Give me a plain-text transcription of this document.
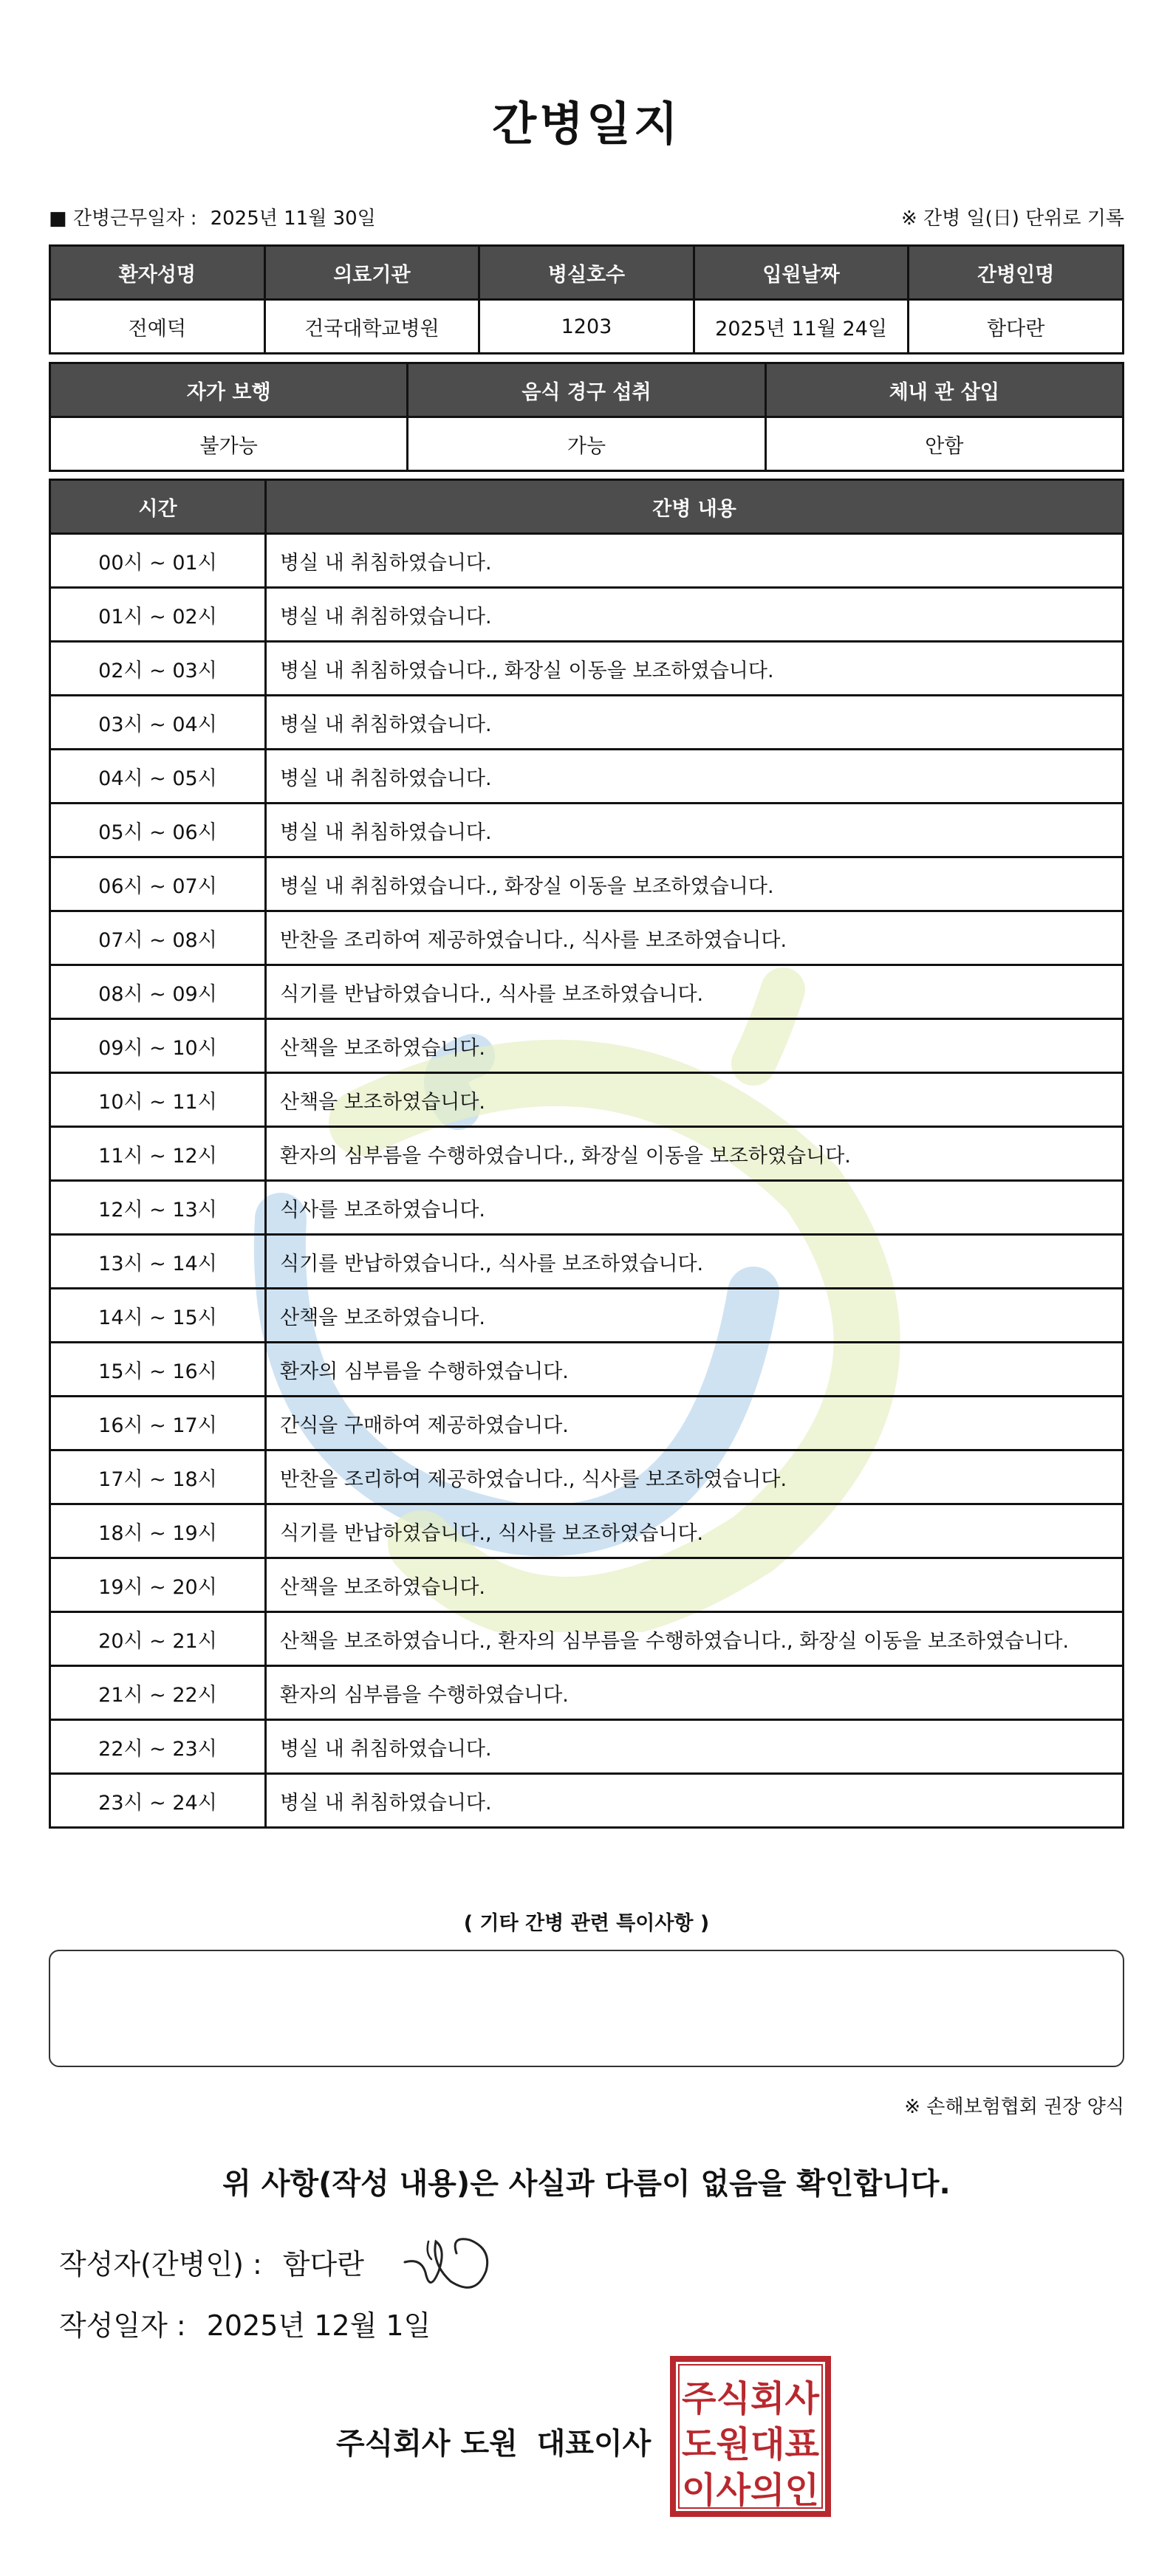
간병일지
■ 간병근무일자 : 2025년 11월 30일	※ 간병 일(日) 단위로 기록
환자성명	의료기관	병실호수	입원날짜	간병인명
전예덕	건국대학교병원	1203	2025년 11월 24일	함다란
자가 보행	음식 경구 섭취	체내 관 삽입
불가능	가능	안함
시간	간병 내용
00시 ~ 01시	병실 내 취침하였습니다.
01시 ~ 02시	병실 내 취침하였습니다.
02시 ~ 03시	병실 내 취침하였습니다., 화장실 이동을 보조하였습니다.
03시 ~ 04시	병실 내 취침하였습니다.
04시 ~ 05시	병실 내 취침하였습니다.
05시 ~ 06시	병실 내 취침하였습니다.
06시 ~ 07시	병실 내 취침하였습니다., 화장실 이동을 보조하였습니다.
07시 ~ 08시	반찬을 조리하여 제공하였습니다., 식사를 보조하였습니다.
08시 ~ 09시	식기를 반납하였습니다., 식사를 보조하였습니다.
09시 ~ 10시	산책을 보조하였습니다.
10시 ~ 11시	산책을 보조하였습니다.
11시 ~ 12시	환자의 심부름을 수행하였습니다., 화장실 이동을 보조하였습니다.
12시 ~ 13시	식사를 보조하였습니다.
13시 ~ 14시	식기를 반납하였습니다., 식사를 보조하였습니다.
14시 ~ 15시	산책을 보조하였습니다.
15시 ~ 16시	환자의 심부름을 수행하였습니다.
16시 ~ 17시	간식을 구매하여 제공하였습니다.
17시 ~ 18시	반찬을 조리하여 제공하였습니다., 식사를 보조하였습니다.
18시 ~ 19시	식기를 반납하였습니다., 식사를 보조하였습니다.
19시 ~ 20시	산책을 보조하였습니다.
20시 ~ 21시	산책을 보조하였습니다., 환자의 심부름을 수행하였습니다., 화장실 이동을 보조하였습니다.
21시 ~ 22시	환자의 심부름을 수행하였습니다.
22시 ~ 23시	병실 내 취침하였습니다.
23시 ~ 24시	병실 내 취침하였습니다.
( 기타 간병 관련 특이사항 )
※ 손해보험협회 권장 양식
위 사항(작성 내용)은 사실과 다름이 없음을 확인합니다.
작성자(간병인) : 함다란
작성일자 : 2025년 12월 1일
주식회사 도원 대표이사
주식회사
도원대표
이사의인
